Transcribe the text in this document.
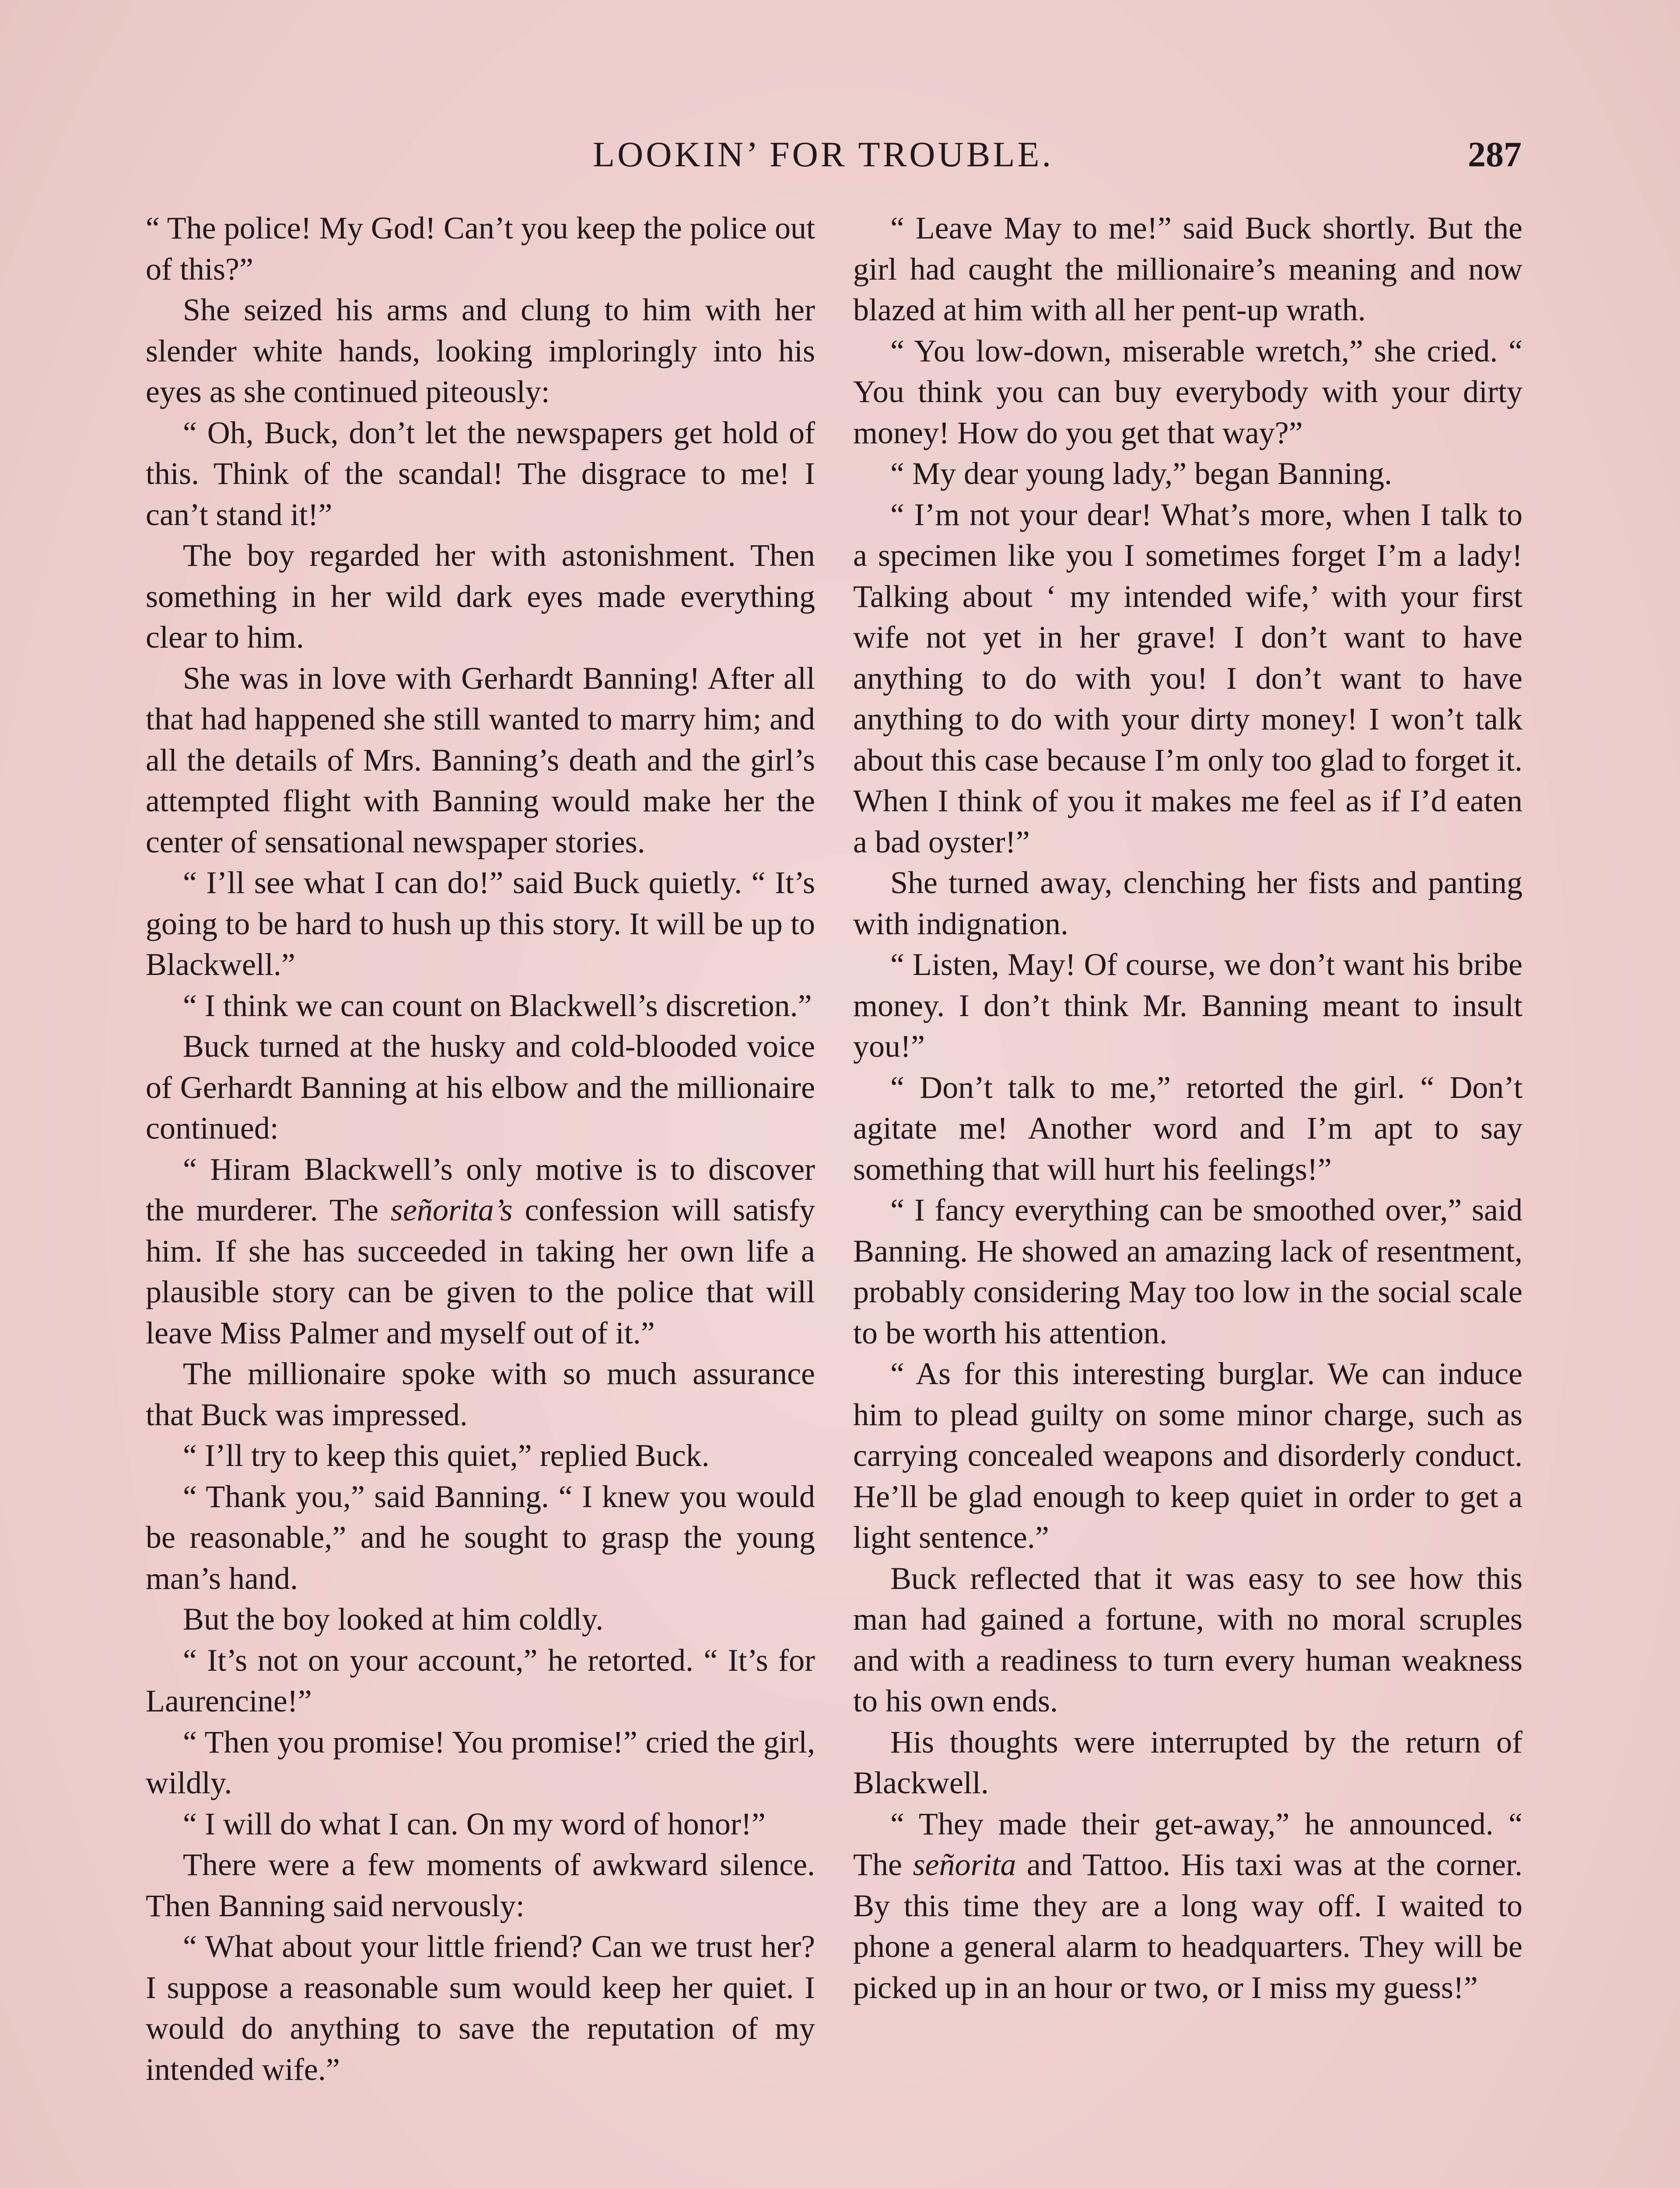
LOOKIN’ FOR TROUBLE.	287

“ The police! My God! Can’t you keep the police out of this?”

She seized his arms and clung to him with her slender white hands, looking imploringly into his eyes as she continued piteously:

“ Oh, Buck, don’t let the newspapers get hold of this. Think of the scandal! The disgrace to me! I can’t stand it!”

The boy regarded her with astonishment. Then something in her wild dark eyes made everything clear to him.

She was in love with Gerhardt Banning! After all that had happened she still wanted to marry him; and all the details of Mrs. Banning’s death and the girl’s attempted flight with Banning would make her the center of sensational newspaper stories.

“ I’ll see what I can do!” said Buck quietly. “ It’s going to be hard to hush up this story. It will be up to Blackwell.”

“ I think we can count on Blackwell’s discretion.”

Buck turned at the husky and cold-blooded voice of Gerhardt Banning at his elbow and the millionaire continued:

“ Hiram Blackwell’s only motive is to discover the murderer. The señorita’s confession will satisfy him. If she has succeeded in taking her own life a plausible story can be given to the police that will leave Miss Palmer and myself out of it.”

The millionaire spoke with so much assurance that Buck was impressed.

“ I’ll try to keep this quiet,” replied Buck.

“ Thank you,” said Banning. “ I knew you would be reasonable,” and he sought to grasp the young man’s hand.

But the boy looked at him coldly.

“ It’s not on your account,” he retorted. “ It’s for Laurencine!”

“ Then you promise! You promise!” cried the girl, wildly.

“ I will do what I can. On my word of honor!”

There were a few moments of awkward silence. Then Banning said nervously:

“ What about your little friend? Can we trust her? I suppose a reasonable sum would keep her quiet. I would do anything to save the reputation of my intended wife.”

“ Leave May to me!” said Buck shortly. But the girl had caught the millionaire’s meaning and now blazed at him with all her pent-up wrath.

“ You low-down, miserable wretch,” she cried. “ You think you can buy everybody with your dirty money! How do you get that way?”

“ My dear young lady,” began Banning.

“ I’m not your dear! What’s more, when I talk to a specimen like you I sometimes forget I’m a lady! Talking about ‘ my intended wife,’ with your first wife not yet in her grave! I don’t want to have anything to do with you! I don’t want to have anything to do with your dirty money! I won’t talk about this case because I’m only too glad to forget it. When I think of you it makes me feel as if I’d eaten a bad oyster!”

She turned away, clenching her fists and panting with indignation.

“ Listen, May! Of course, we don’t want his bribe money. I don’t think Mr. Banning meant to insult you!”

“ Don’t talk to me,” retorted the girl. “ Don’t agitate me! Another word and I’m apt to say something that will hurt his feelings!”

“ I fancy everything can be smoothed over,” said Banning. He showed an amazing lack of resentment, probably considering May too low in the social scale to be worth his attention.

“ As for this interesting burglar. We can induce him to plead guilty on some minor charge, such as carrying concealed weapons and disorderly conduct. He’ll be glad enough to keep quiet in order to get a light sentence.”

Buck reflected that it was easy to see how this man had gained a fortune, with no moral scruples and with a readiness to turn every human weakness to his own ends.

His thoughts were interrupted by the return of Blackwell.

“ They made their get-away,” he announced. “ The señorita and Tattoo. His taxi was at the corner. By this time they are a long way off. I waited to phone a general alarm to headquarters. They will be picked up in an hour or two, or I miss my guess!”
